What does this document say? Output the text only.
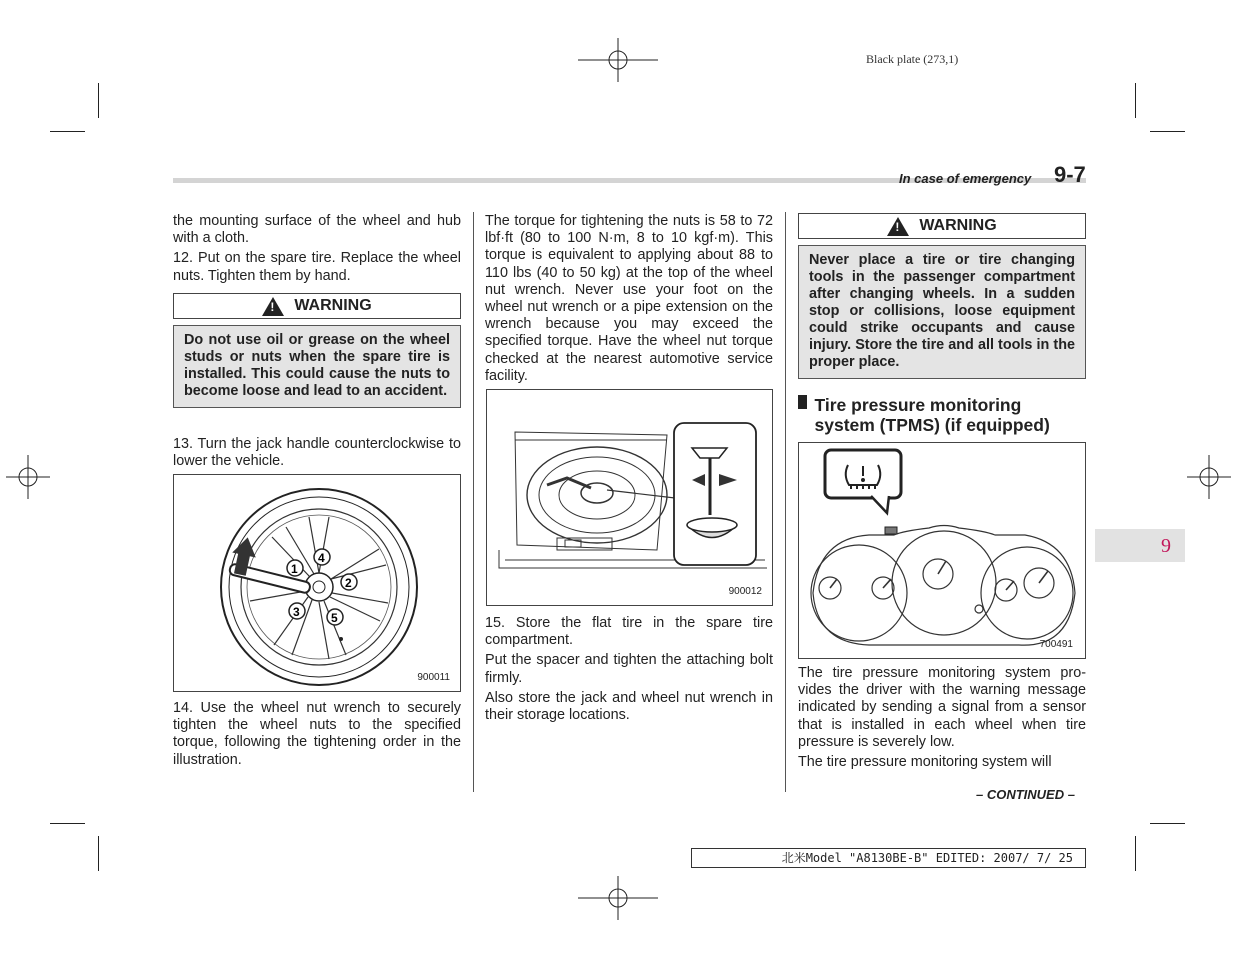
Black plate (273,1)
In case of emergency 9-7
9

the mounting surface of the wheel and hub with a cloth.

12. Put on the spare tire. Replace the wheel nuts. Tighten them by hand.

! WARNING
Do not use oil or grease on the wheel studs or nuts when the spare tire is installed. This could cause the nuts to become loose and lead to an accident.

13. Turn the jack handle counterclockwise to lower the vehicle.

1
2
3
4
5
900011

14. Use the wheel nut wrench to securely tighten the wheel nuts to the specified torque, following the tightening order in the illustration.

The torque for tightening the nuts is 58 to 72 lbf·ft (80 to 100 N·m, 8 to 10 kgf·m). This torque is equivalent to applying about 88 to 110 lbs (40 to 50 kg) at the top of the wheel nut wrench. Never use your foot on the wheel nut wrench or a pipe extension on the wrench because you may exceed the specified torque. Have the wheel nut torque checked at the nearest automotive service facility.

900012

15. Store the flat tire in the spare tire compartment.

Put the spacer and tighten the attaching bolt firmly.

Also store the jack and wheel nut wrench in their storage locations.

! WARNING
Never place a tire or tire changing tools in the passenger compartment after changing wheels. In a sudden stop or collisions, loose equipment could strike occupants and cause injury. Store the tire and all tools in the proper place.
Tire pressure monitoring system (TPMS) (if equipped)
700491

The tire pressure monitoring system pro-vides the driver with the warning message indicated by sending a signal from a sensor that is installed in each wheel when tire pressure is severely low.

The tire pressure monitoring system will

– CONTINUED –
北米Model "A8130BE-B" EDITED: 2007/ 7/ 25
